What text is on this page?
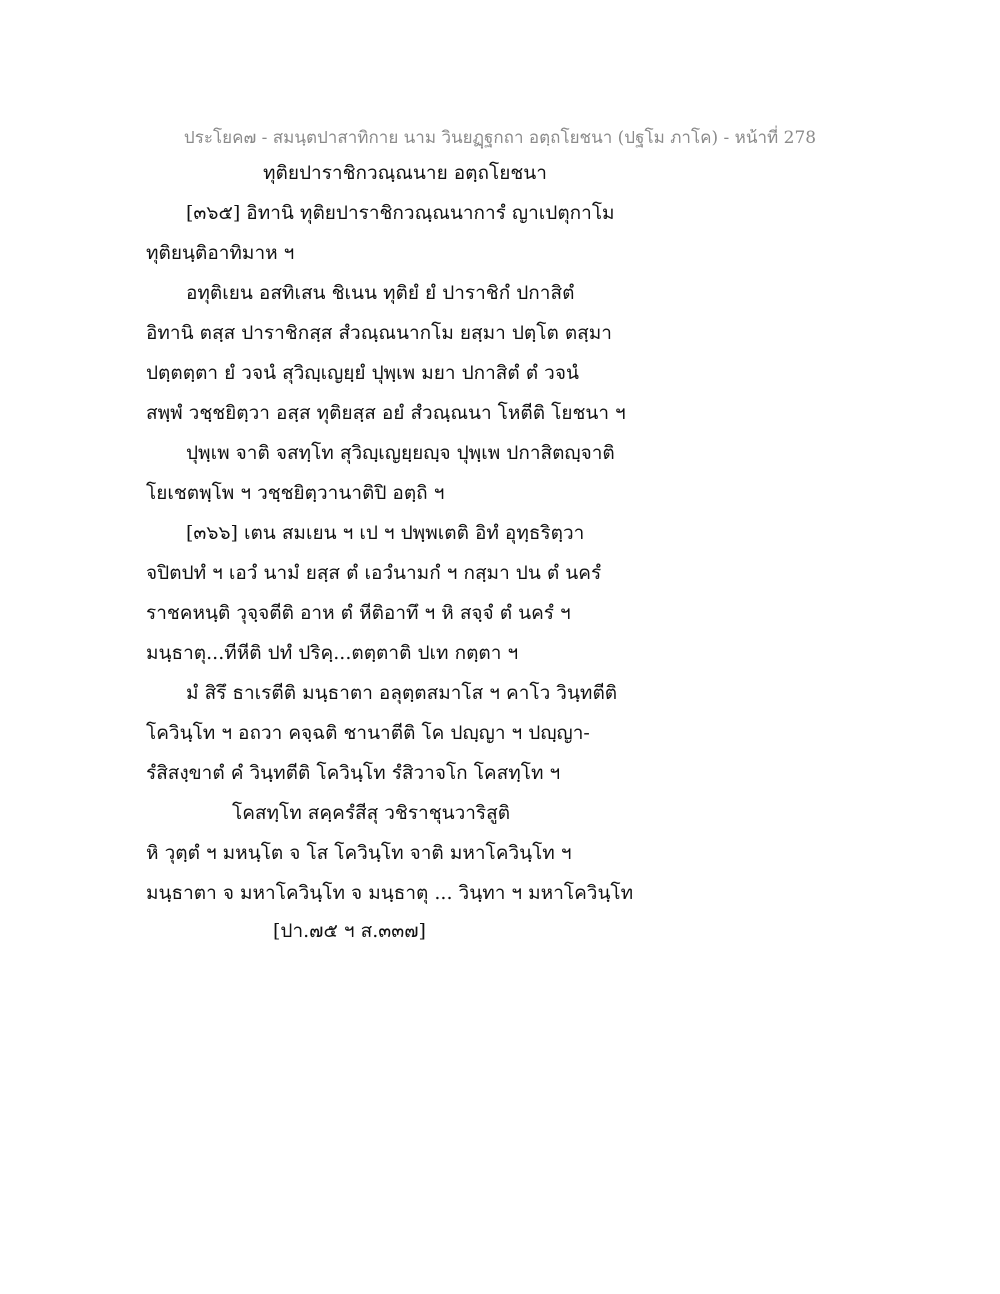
ประโยค๗ - สมนฺตปาสาทิกาย นาม วินยฏฺฐกถา อตฺถโยชนา (ปฐโม ภาโค) - หน้าที่ 278
ทุติยปาราชิกวณฺณนาย อตฺถโยชนา
[๓๖๕] อิทานิ ทุติยปาราชิกวณฺณนาการํ ญาเปตุกาโม
ทุติยนฺติอาทิมาห ฯ
อทุติเยน อสทิเสน ชิเนน ทุติยํ ยํ ปาราชิกํ ปกาสิตํ
อิทานิ ตสฺส ปาราชิกสฺส สํวณฺณนากโม ยสฺมา ปตฺโต ตสฺมา
ปตฺตตฺตา ยํ วจนํ สุวิญฺเญยฺยํ ปุพฺเพ มยา ปกาสิตํ ตํ วจนํ
สพฺพํ วชฺชยิตฺวา อสฺส ทุติยสฺส อยํ สํวณฺณนา โหตีติ โยชนา ฯ
ปุพฺเพ จาติ จสทฺโท สุวิญฺเญยฺยญฺจ ปุพฺเพ ปกาสิตญฺจาติ
โยเชตพฺโพ ฯ วชฺชยิตฺวานาติปิ อตฺถิ ฯ
[๓๖๖] เตน สมเยน ฯ เป ฯ ปพฺพเตติ อิทํ อุทฺธริตฺวา
จปิตปทํ ฯ เอวํ นามํ ยสฺส ตํ เอวํนามกํ ฯ กสฺมา ปน ตํ นครํ
ราชคหนฺติ วุจฺจตีติ อาห ตํ หีติอาทึ ฯ หิ สจฺจํ ตํ นครํ ฯ
มนฺธาตุ...ทีหีติ ปทํ ปริคฺ...ตตฺตาติ ปเท กตฺตา ฯ
มํ สิรึ ธาเรตีติ มนฺธาตา อลุตฺตสมาโส ฯ คาโว วินฺทตีติ
โควินฺโท ฯ อถวา คจฺฉติ ชานาตีติ โค ปญฺญา ฯ ปญฺญา-
รํสิสงฺขาตํ คํ วินฺทตีติ โควินฺโท รํสิวาจโก โคสทฺโท ฯ
โคสทฺโท สคฺครํสีสุ วชิราชุนวาริสูติ
หิ วุตฺตํ ฯ มหนฺโต จ โส โควินฺโท จาติ มหาโควินฺโท ฯ
มนฺธาตา จ มหาโควินฺโท จ มนฺธาตุ ... วินฺทา ฯ มหาโควินฺโท
[ปา.๗๕ ฯ ส.๓๓๗]
